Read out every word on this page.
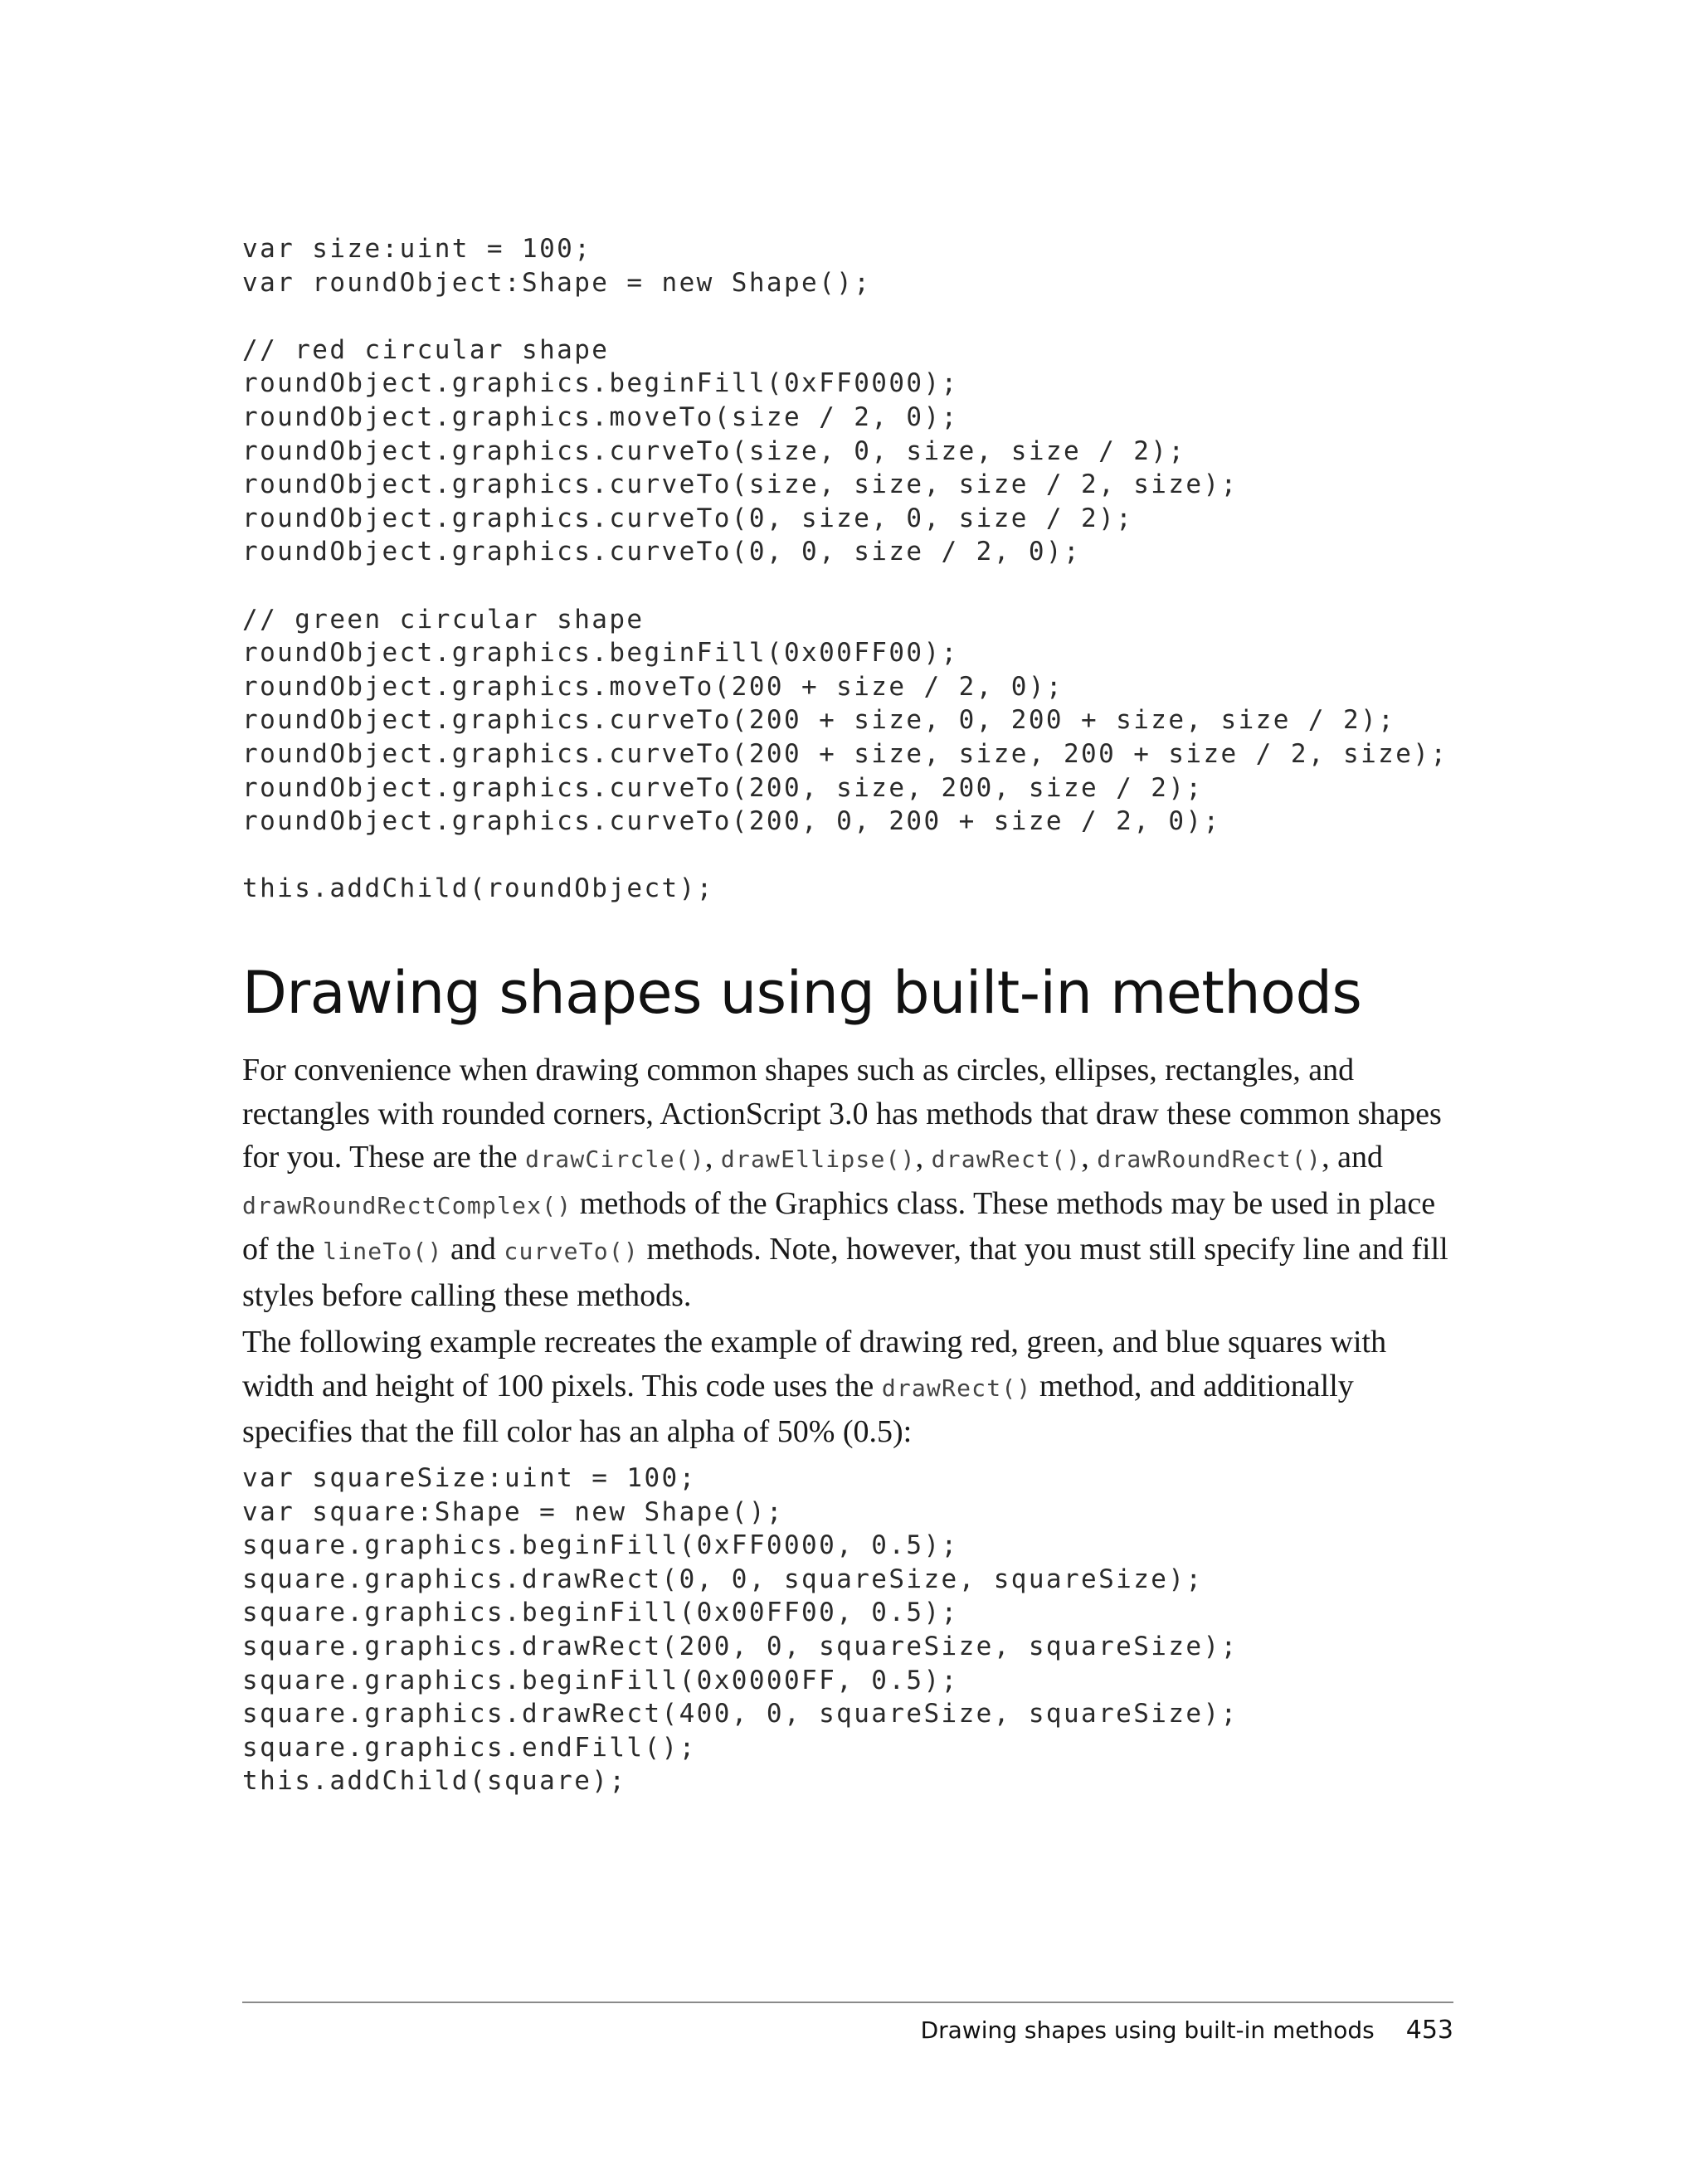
var size:uint = 100;
var roundObject:Shape = new Shape();
// red circular shape
roundObject.graphics.beginFill(0xFF0000);
roundObject.graphics.moveTo(size / 2, 0);
roundObject.graphics.curveTo(size, 0, size, size / 2);
roundObject.graphics.curveTo(size, size, size / 2, size);
roundObject.graphics.curveTo(0, size, 0, size / 2);
roundObject.graphics.curveTo(0, 0, size / 2, 0);
// green circular shape
roundObject.graphics.beginFill(0x00FF00);
roundObject.graphics.moveTo(200 + size / 2, 0);
roundObject.graphics.curveTo(200 + size, 0, 200 + size, size / 2);
roundObject.graphics.curveTo(200 + size, size, 200 + size / 2, size);
roundObject.graphics.curveTo(200, size, 200, size / 2);
roundObject.graphics.curveTo(200, 0, 200 + size / 2, 0);
this.addChild(roundObject);
Drawing shapes using built-in methods

For convenience when drawing common shapes such as circles, ellipses, rectangles, and rectangles with rounded corners, ActionScript 3.0 has methods that draw these common shapes for you. These are the drawCircle(), drawEllipse(), drawRect(), drawRoundRect(), and drawRoundRectComplex() methods of the Graphics class. These methods may be used in place of the lineTo() and curveTo() methods. Note, however, that you must still specify line and fill styles before calling these methods.

The following example recreates the example of drawing red, green, and blue squares with width and height of 100 pixels. This code uses the drawRect() method, and additionally specifies that the fill color has an alpha of 50% (0.5):

var squareSize:uint = 100;
var square:Shape = new Shape();
square.graphics.beginFill(0xFF0000, 0.5);
square.graphics.drawRect(0, 0, squareSize, squareSize);
square.graphics.beginFill(0x00FF00, 0.5);
square.graphics.drawRect(200, 0, squareSize, squareSize);
square.graphics.beginFill(0x0000FF, 0.5);
square.graphics.drawRect(400, 0, squareSize, squareSize);
square.graphics.endFill();
this.addChild(square);
Drawing shapes using built-in methods 453
